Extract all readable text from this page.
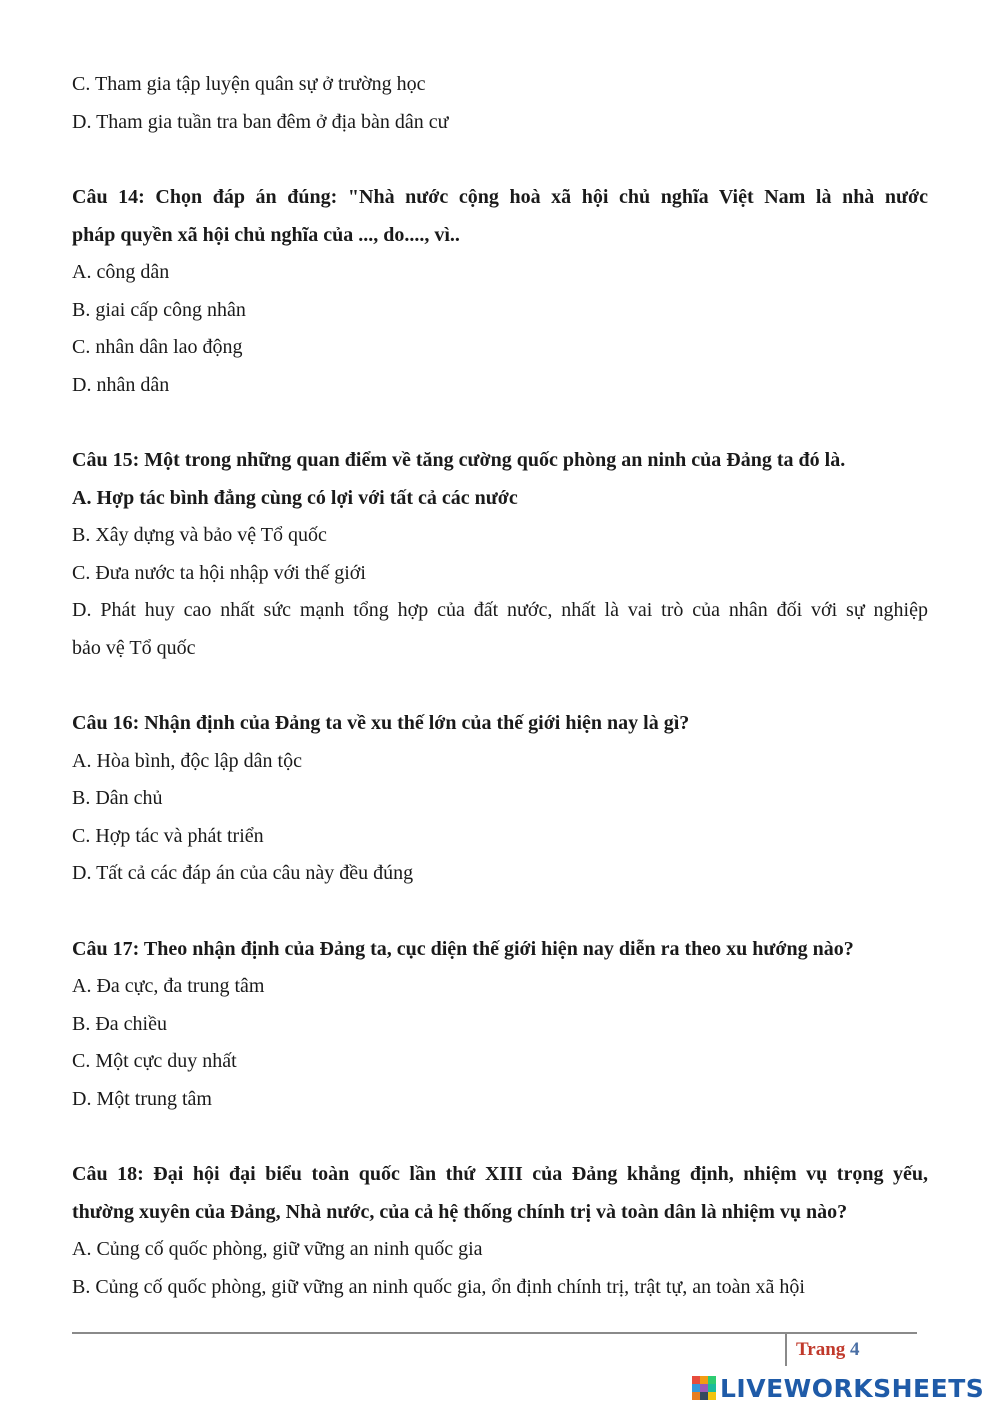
C. Tham gia tập luyện quân sự ở trường học
D. Tham gia tuần tra ban đêm ở địa bàn dân cư
Câu 14: Chọn đáp án đúng: "Nhà nước cộng hoà xã hội chủ nghĩa Việt Nam là nhà nước
pháp quyền xã hội chủ nghĩa của ..., do...., vì..
A. công dân
B. giai cấp công nhân
C. nhân dân lao động
D. nhân dân
Câu 15: Một trong những quan điểm về tăng cường quốc phòng an ninh của Đảng ta đó là.
A. Hợp tác bình đẳng cùng có lợi với tất cả các nước
B. Xây dựng và bảo vệ Tổ quốc
C. Đưa nước ta hội nhập với thế giới
D. Phát huy cao nhất sức mạnh tổng hợp của đất nước, nhất là vai trò của nhân đối với sự nghiệp
bảo vệ Tổ quốc
Câu 16: Nhận định của Đảng ta về xu thế lớn của thế giới hiện nay là gì?
A. Hòa bình, độc lập dân tộc
B. Dân chủ
C. Hợp tác và phát triển
D. Tất cả các đáp án của câu này đều đúng
Câu 17: Theo nhận định của Đảng ta, cục diện thế giới hiện nay diễn ra theo xu hướng nào?
A. Đa cực, đa trung tâm
B. Đa chiều
C. Một cực duy nhất
D. Một trung tâm
Câu 18: Đại hội đại biểu toàn quốc lần thứ XIII của Đảng khẳng định, nhiệm vụ trọng yếu,
thường xuyên của Đảng, Nhà nước, của cả hệ thống chính trị và toàn dân là nhiệm vụ nào?
A. Củng cố quốc phòng, giữ vững an ninh quốc gia
B. Củng cố quốc phòng, giữ vững an ninh quốc gia, ổn định chính trị, trật tự, an toàn xã hội
Trang 4
LIVEWORKSHEETS
